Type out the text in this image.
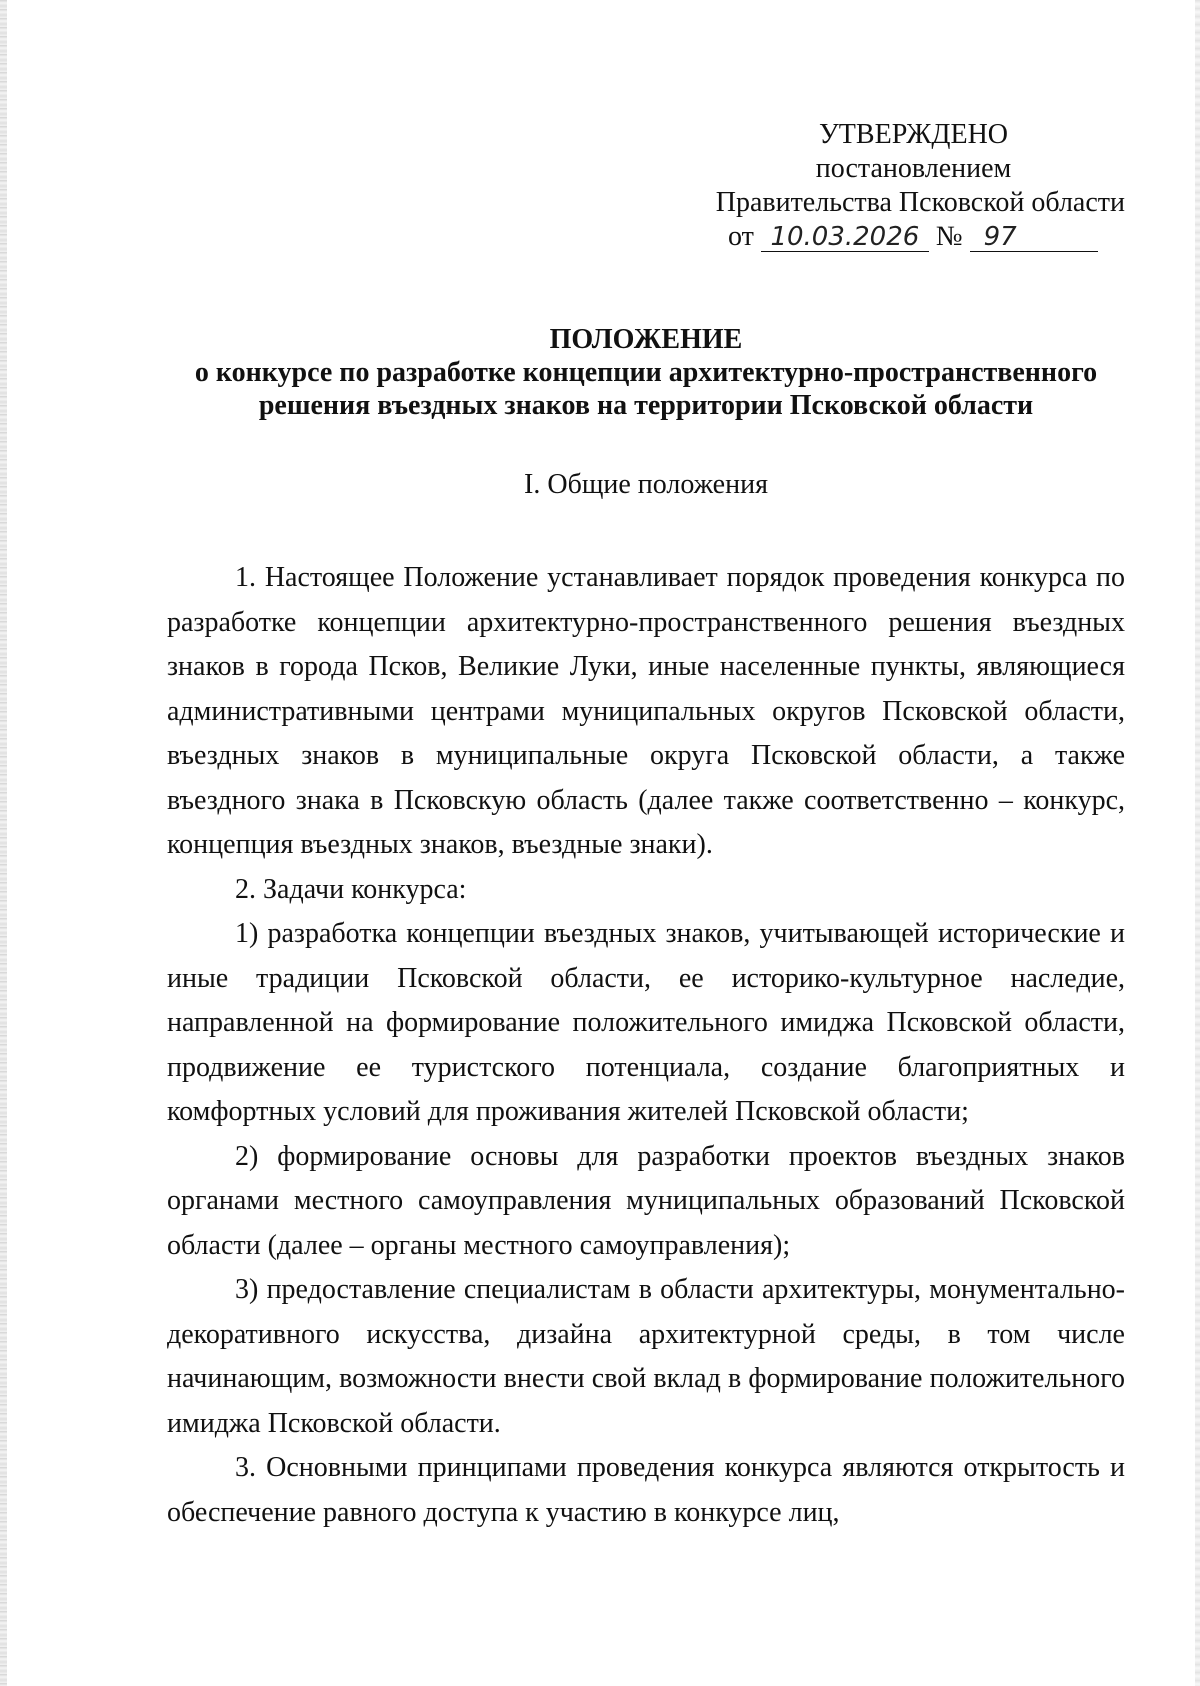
УТВЕРЖДЕНО
постановлением
Правительства Псковской области
от 10.03.2026 № 97
ПОЛОЖЕНИЕ
о конкурсе по разработке концепции архитектурно-пространственного
решения въездных знаков на территории Псковской области
I. Общие положения

1. Настоящее Положение устанавливает порядок проведения конкурса по разработке концепции архитектурно-пространственного решения въездных знаков в города Псков, Великие Луки, иные населенные пункты, являющиеся административными центрами муниципальных округов Псковской области, въездных знаков в муниципальные округа Псковской области, а также въездного знака в Псковскую область (далее также соответственно – конкурс, концепция въездных знаков, въездные знаки).

2. Задачи конкурса:

1) разработка концепции въездных знаков, учитывающей исторические и иные традиции Псковской области, ее историко-культурное наследие, направленной на формирование положительного имиджа Псковской области, продвижение ее туристского потенциала, создание благоприятных и комфортных условий для проживания жителей Псковской области;

2) формирование основы для разработки проектов въездных знаков органами местного самоуправления муниципальных образований Псковской области (далее – органы местного самоуправления);

3) предоставление специалистам в области архитектуры, монументально-декоративного искусства, дизайна архитектурной среды, в том числе начинающим, возможности внести свой вклад в формирование положительного имиджа Псковской области.

3. Основными принципами проведения конкурса являются открытость и обеспечение равного доступа к участию в конкурсе лиц,
